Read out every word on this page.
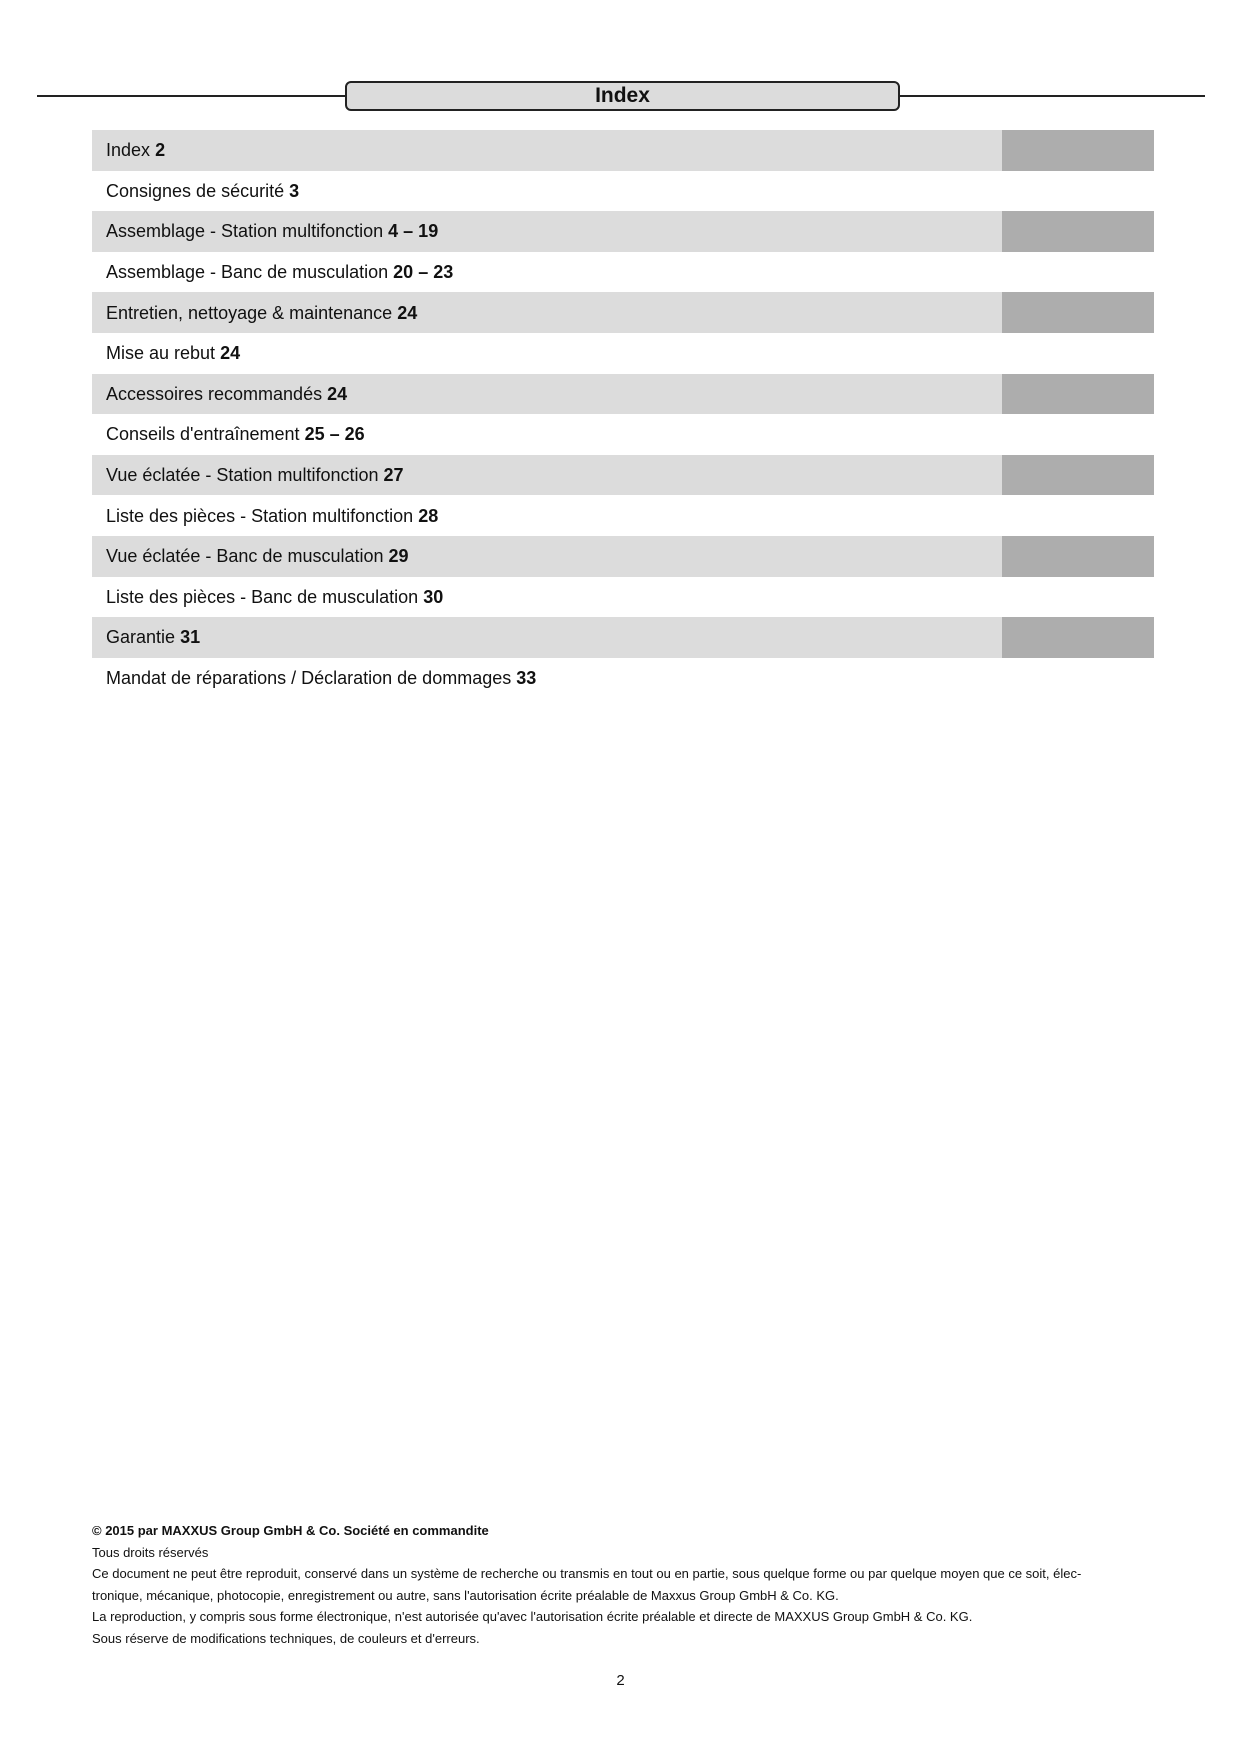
Index
Index 2
Consignes de sécurité 3
Assemblage - Station multifonction 4 – 19
Assemblage - Banc de musculation 20 – 23
Entretien, nettoyage & maintenance 24
Mise au rebut 24
Accessoires recommandés 24
Conseils d'entraînement 25 – 26
Vue éclatée - Station multifonction 27
Liste des pièces - Station multifonction 28
Vue éclatée - Banc de musculation 29
Liste des pièces - Banc de musculation 30
Garantie 31
Mandat de réparations / Déclaration de dommages 33

© 2015 par MAXXUS Group GmbH & Co. Société en commandite

Tous droits réservés

Ce document ne peut être reproduit, conservé dans un système de recherche ou transmis en tout ou en partie, sous quelque forme ou par quelque moyen que ce soit, élec-

tronique, mécanique, photocopie, enregistrement ou autre, sans l'autorisation écrite préalable de Maxxus Group GmbH & Co. KG.

La reproduction, y compris sous forme électronique, n'est autorisée qu'avec l'autorisation écrite préalable et directe de MAXXUS Group GmbH & Co. KG.

Sous réserve de modifications techniques, de couleurs et d'erreurs.

2
